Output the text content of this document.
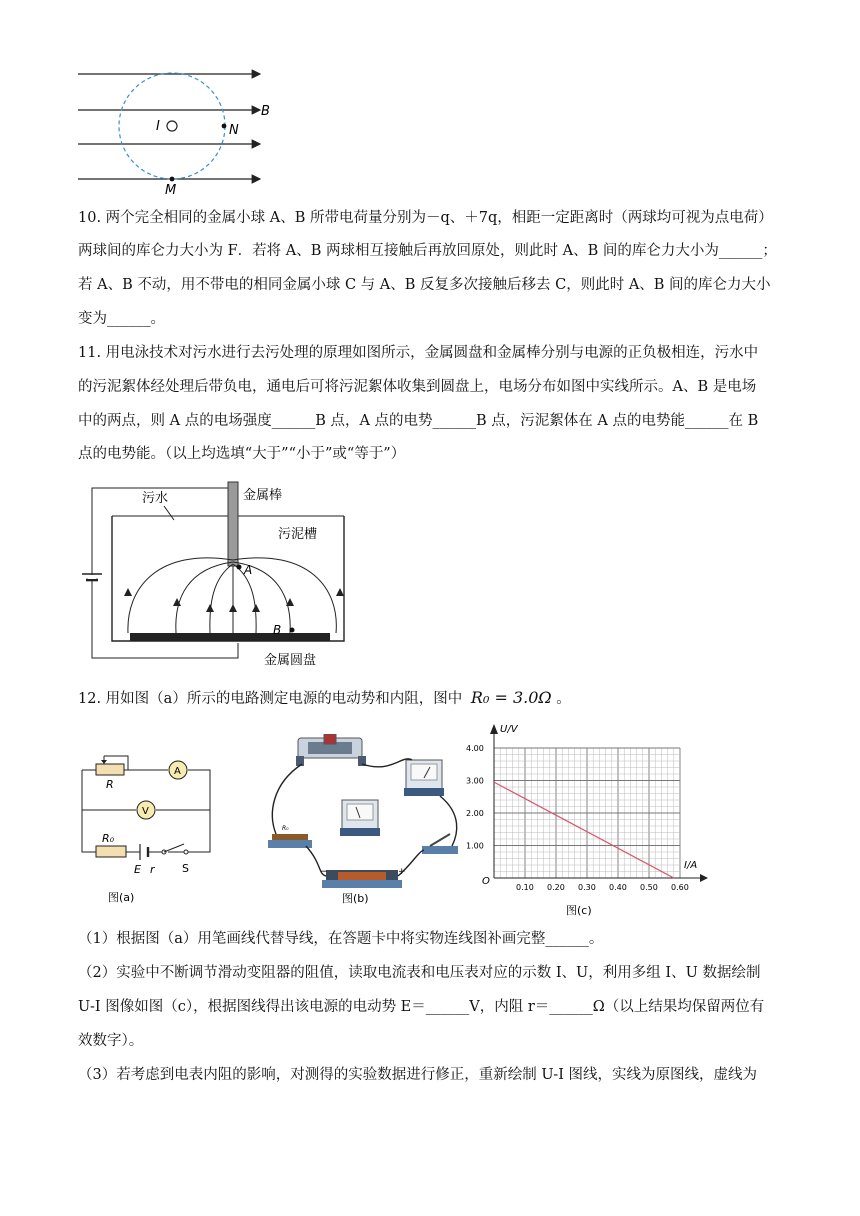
I	N
B
M
10. 两个完全相同的金属小球 A、B 所带电荷量分别为－q、＋7q，相距一定距离时（两球均可视为点电荷）
两球间的库仑力大小为 F．若将 A、B 两球相互接触后再放回原处，则此时 A、B 间的库仑力大小为______；
若 A、B 不动，用不带电的相同金属小球 C 与 A、B 反复多次接触后移去 C，则此时 A、B 间的库仑力大小
变为______。
11. 用电泳技术对污水进行去污处理的原理如图所示，金属圆盘和金属棒分别与电源的正负极相连，污水中
的污泥絮体经处理后带负电，通电后可将污泥絮体收集到圆盘上，电场分布如图中实线所示。A、B 是电场
中的两点，则 A 点的电场强度______B 点，A 点的电势______B 点，污泥絮体在 A 点的电势能______在 B
点的电势能。（以上均选填“大于”“小于”或“等于”）
污水	金属棒
污泥槽
A
B
金属圆盘
12. 用如图（a）所示的电路测定电源的电动势和内阻，图中 R₀ = 3.0Ω 。
R
A
V
R₀
E r S
图(a)
R₀
−	+
图(b)
0.10 0.20 0.30 0.40 0.50 0.60
1.00
2.00
3.00
4.00
U/V
I/A
O
图(c)
（1）根据图（a）用笔画线代替导线，在答题卡中将实物连线图补画完整______。
（2）实验中不断调节滑动变阻器的阻值，读取电流表和电压表对应的示数 I、U，利用多组 I、U 数据绘制
U-I 图像如图（c），根据图线得出该电源的电动势 E＝______V，内阻 r＝______Ω（以上结果均保留两位有
效数字）。
（3）若考虑到电表内阻的影响，对测得的实验数据进行修正，重新绘制 U-I 图线，实线为原图线，虚线为
